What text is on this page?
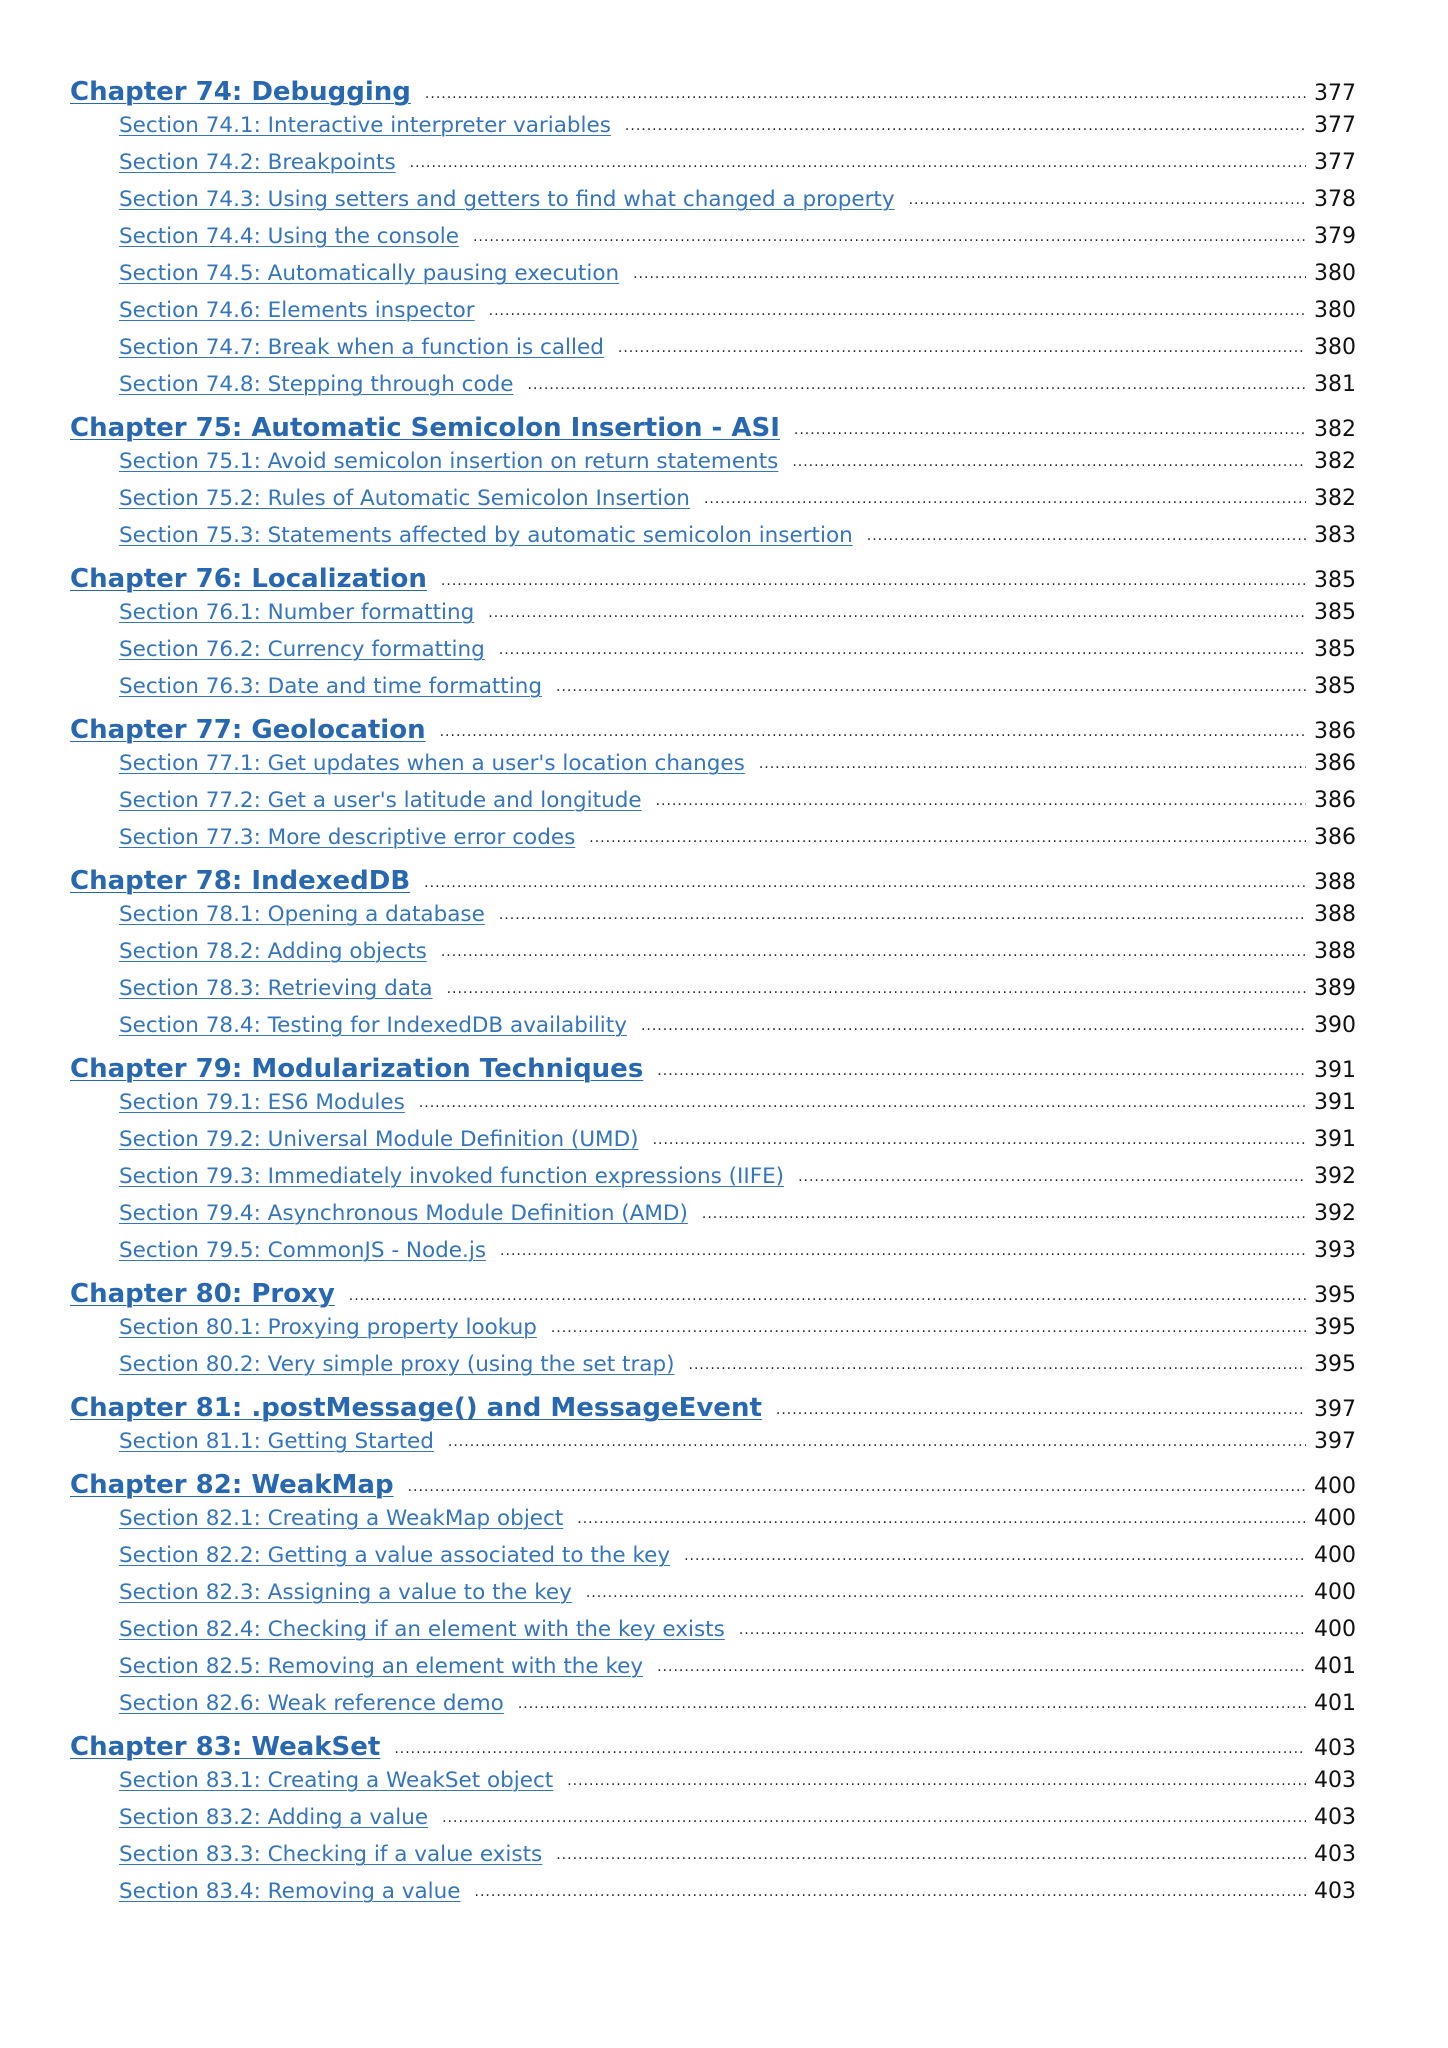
Chapter 74: Debugging .....	377
Section 74.1: Interactive interpreter variables .....	377
Section 74.2: Breakpoints .....	377
Section 74.3: Using setters and getters to find what changed a property .....	378
Section 74.4: Using the console .....	379
Section 74.5: Automatically pausing execution .....	380
Section 74.6: Elements inspector .....	380
Section 74.7: Break when a function is called .....	380
Section 74.8: Stepping through code .....	381
Chapter 75: Automatic Semicolon Insertion - ASI .....	382
Section 75.1: Avoid semicolon insertion on return statements .....	382
Section 75.2: Rules of Automatic Semicolon Insertion .....	382
Section 75.3: Statements affected by automatic semicolon insertion .....	383
Chapter 76: Localization .....	385
Section 76.1: Number formatting .....	385
Section 76.2: Currency formatting .....	385
Section 76.3: Date and time formatting .....	385
Chapter 77: Geolocation .....	386
Section 77.1: Get updates when a user's location changes .....	386
Section 77.2: Get a user's latitude and longitude .....	386
Section 77.3: More descriptive error codes .....	386
Chapter 78: IndexedDB .....	388
Section 78.1: Opening a database .....	388
Section 78.2: Adding objects .....	388
Section 78.3: Retrieving data .....	389
Section 78.4: Testing for IndexedDB availability .....	390
Chapter 79: Modularization Techniques .....	391
Section 79.1: ES6 Modules .....	391
Section 79.2: Universal Module Definition (UMD) .....	391
Section 79.3: Immediately invoked function expressions (IIFE) .....	392
Section 79.4: Asynchronous Module Definition (AMD) .....	392
Section 79.5: CommonJS - Node.js .....	393
Chapter 80: Proxy .....	395
Section 80.1: Proxying property lookup .....	395
Section 80.2: Very simple proxy (using the set trap) .....	395
Chapter 81: .postMessage() and MessageEvent .....	397
Section 81.1: Getting Started .....	397
Chapter 82: WeakMap .....	400
Section 82.1: Creating a WeakMap object .....	400
Section 82.2: Getting a value associated to the key .....	400
Section 82.3: Assigning a value to the key .....	400
Section 82.4: Checking if an element with the key exists .....	400
Section 82.5: Removing an element with the key .....	401
Section 82.6: Weak reference demo .....	401
Chapter 83: WeakSet .....	403
Section 83.1: Creating a WeakSet object .....	403
Section 83.2: Adding a value .....	403
Section 83.3: Checking if a value exists .....	403
Section 83.4: Removing a value .....	403
